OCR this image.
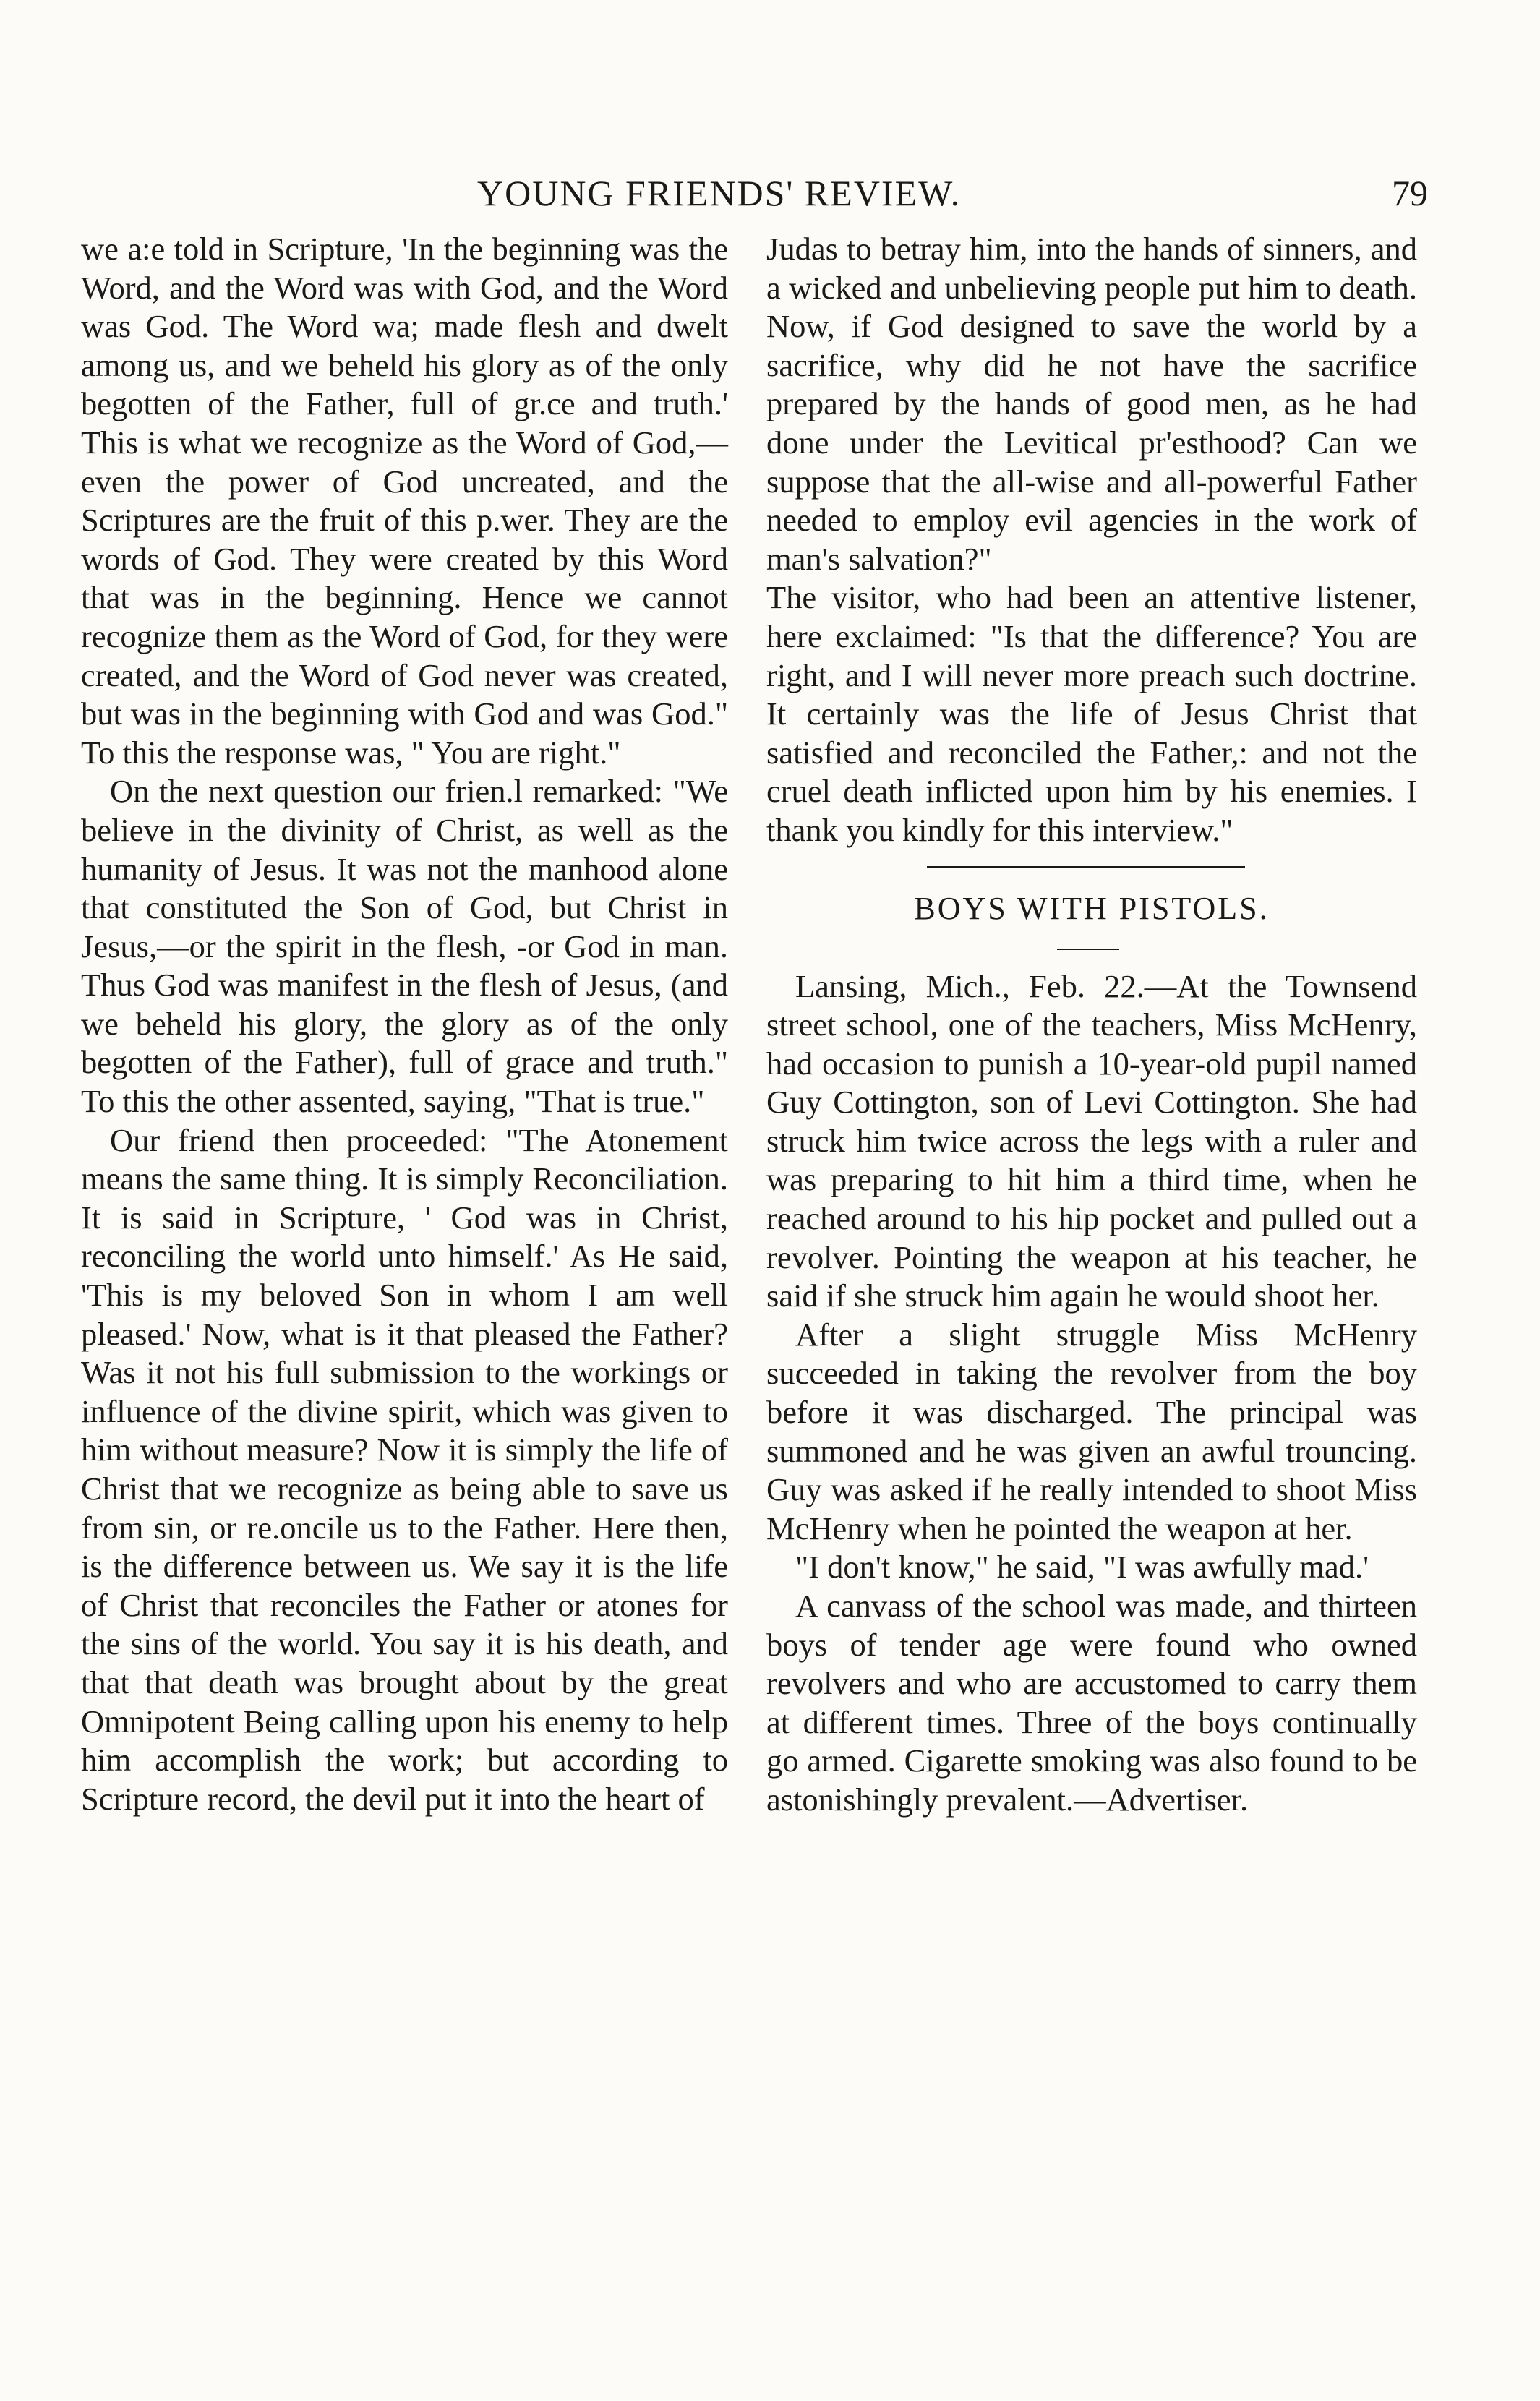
YOUNG FRIENDS' REVIEW.	79

we a:e told in Scripture, 'In the beginning was the Word, and the Word was with God, and the Word was God. The Word wa; made flesh and dwelt among us, and we beheld his glory as of the only begotten of the Father, full of gr.ce and truth.' This is what we recognize as the Word of God,—even the power of God uncreated, and the Scriptures are the fruit of this p.wer. They are the words of God. They were created by this Word that was in the beginning. Hence we cannot recognize them as the Word of God, for they were created, and the Word of God never was created, but was in the beginning with God and was God." To this the response was, " You are right."

On the next question our frien.l remarked: "We believe in the divinity of Christ, as well as the humanity of Jesus. It was not the manhood alone that constituted the Son of God, but Christ in Jesus,—or the spirit in the flesh, -or God in man. Thus God was manifest in the flesh of Jesus, (and we beheld his glory, the glory as of the only begotten of the Father), full of grace and truth." To this the other assented, saying, "That is true."

Our friend then proceeded: "The Atonement means the same thing. It is simply Reconciliation. It is said in Scripture, ' God was in Christ, reconciling the world unto himself.' As He said, 'This is my beloved Son in whom I am well pleased.' Now, what is it that pleased the Father? Was it not his full submission to the workings or influence of the divine spirit, which was given to him without measure? Now it is simply the life of Christ that we recognize as being able to save us from sin, or re.oncile us to the Father. Here then, is the difference between us. We say it is the life of Christ that reconciles the Father or atones for the sins of the world. You say it is his death, and that that death was brought about by the great Omnipotent Being calling upon his enemy to help him accomplish the work; but according to Scripture record, the devil put it into the heart of

Judas to betray him, into the hands of sinners, and a wicked and unbelieving people put him to death. Now, if God designed to save the world by a sacrifice, why did he not have the sacrifice prepared by the hands of good men, as he had done under the Levitical pr'esthood? Can we suppose that the all-wise and all-powerful Father needed to employ evil agencies in the work of man's salvation?"

The visitor, who had been an attentive listener, here exclaimed: "Is that the difference? You are right, and I will never more preach such doctrine. It certainly was the life of Jesus Christ that satisfied and reconciled the Father,: and not the cruel death inflicted upon him by his enemies. I thank you kindly for this interview."

BOYS WITH PISTOLS.

Lansing, Mich., Feb. 22.—At the Townsend street school, one of the teachers, Miss McHenry, had occasion to punish a 10-year-old pupil named Guy Cottington, son of Levi Cottington. She had struck him twice across the legs with a ruler and was preparing to hit him a third time, when he reached around to his hip pocket and pulled out a revolver. Pointing the weapon at his teacher, he said if she struck him again he would shoot her.

After a slight struggle Miss McHenry succeeded in taking the revolver from the boy before it was discharged. The principal was summoned and he was given an awful trouncing. Guy was asked if he really intended to shoot Miss McHenry when he pointed the weapon at her.

"I don't know," he said, "I was awfully mad.'

A canvass of the school was made, and thirteen boys of tender age were found who owned revolvers and who are accustomed to carry them at different times. Three of the boys continually go armed. Cigarette smoking was also found to be astonishingly prevalent.—Advertiser.
